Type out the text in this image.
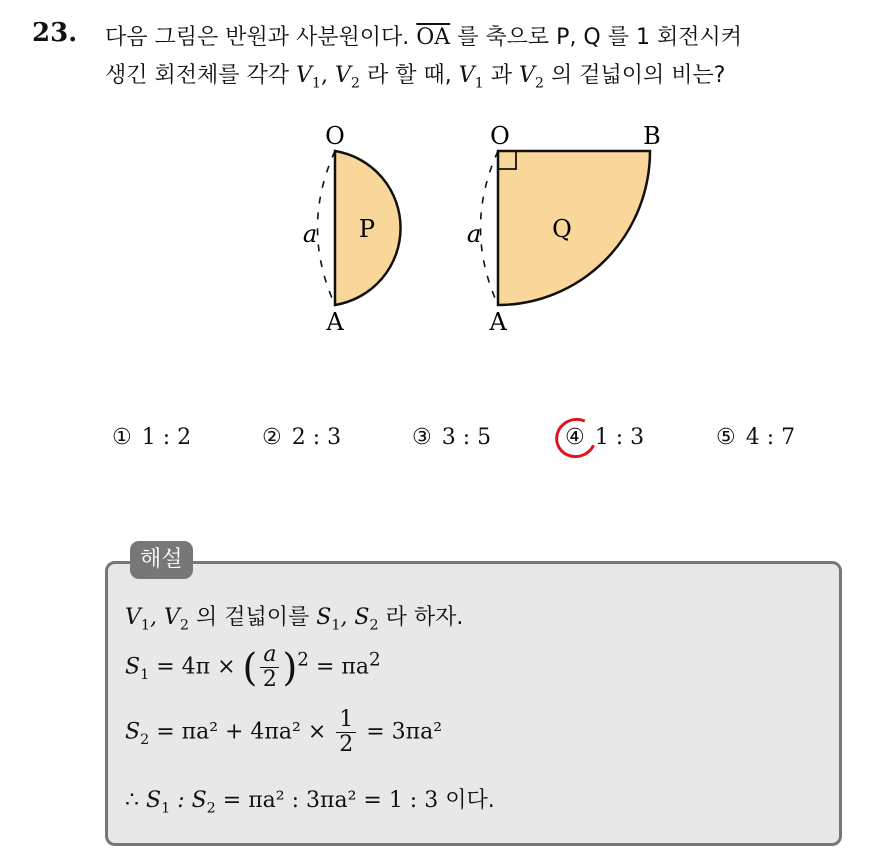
23. 다음 그림은 반원과 사분원이다. $\overline{OA}$ 를 축으로 P, Q 를 1 회전시켜
생긴 회전체를 각각 $V_1$, $V_2$ 라 할 때, $V_1$ 과 $V_2$ 의 겉넓이의 비는?
O
A
a P
O	B
A
a	Q
① 1 : 2	② 2 : 3	③ 3 : 5	④ 1 : 3	⑤ 4 : 7
해설
$V_1$, $V_2$ 의 겉넓이를 $S_1$, $S_2$ 라 하자.
$S_1 = 4\pi$ × ( $\frac{a}{2} )^2 = \pi a^2$
$S_2 = \pi a^2 + 4\pi a^2 \times \frac{1}{2} = 3\pi a^2$
∴ $S_1$ : $S_2 = \pi a^2$ : 3πa² = 1 : 3 이다.
